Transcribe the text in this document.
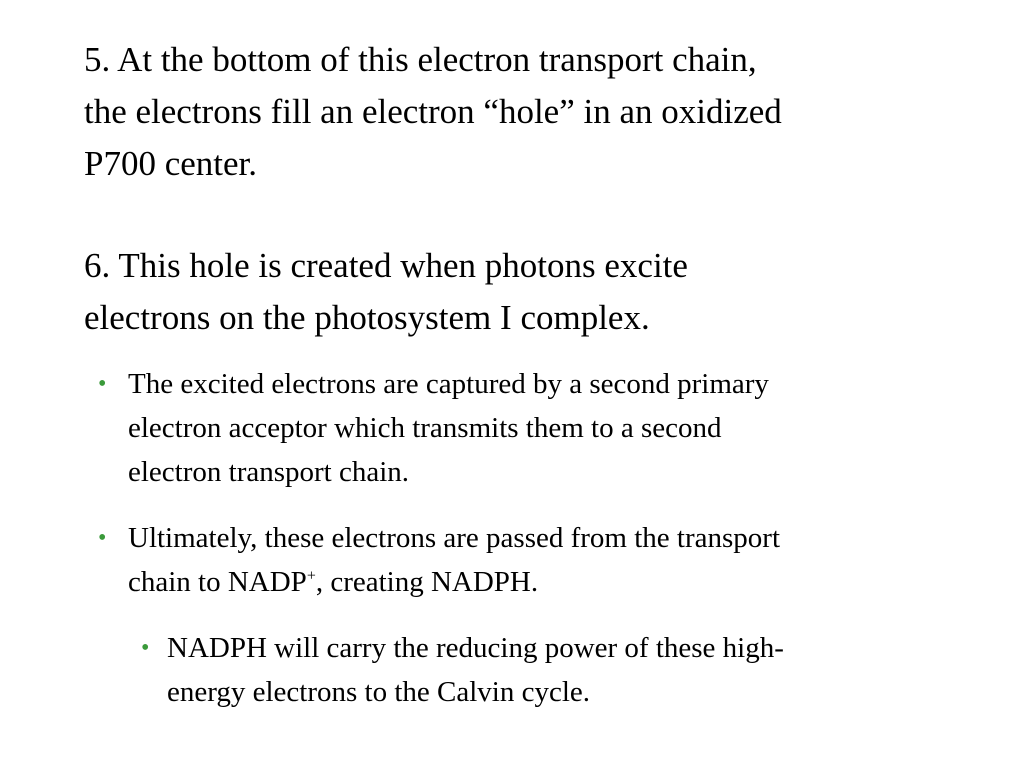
5. At the bottom of this electron transport chain,
the electrons fill an electron “hole” in an oxidized
P700 center.

6. This hole is created when photons excite
electrons on the photosystem I complex.

• The excited electrons are captured by a second primary
electron acceptor which transmits them to a second
electron transport chain.
• Ultimately, these electrons are passed from the transport
chain to NADP+, creating NADPH.
• NADPH will carry the reducing power of these high-
energy electrons to the Calvin cycle.
